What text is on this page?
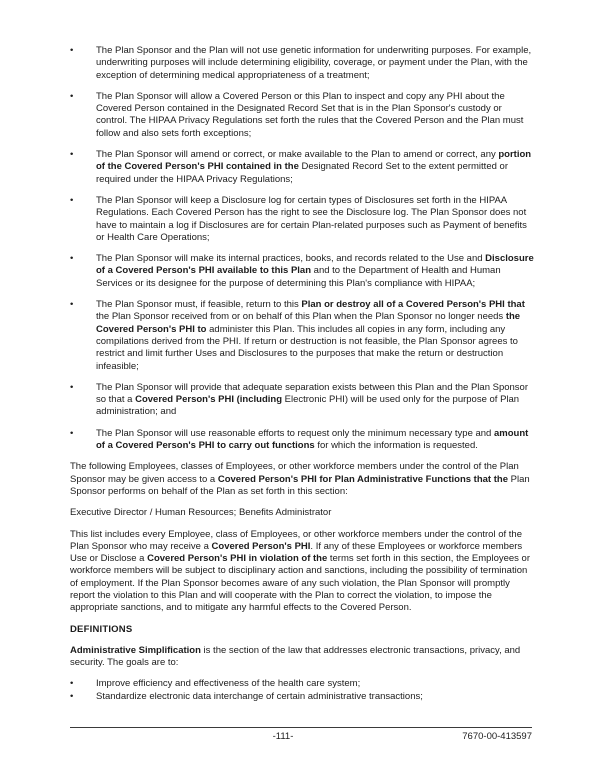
•	The Plan Sponsor and the Plan will not use genetic information for underwriting purposes. For example, underwriting purposes will include determining eligibility, coverage, or payment under the Plan, with the exception of determining medical appropriateness of a treatment;
•	The Plan Sponsor will allow a Covered Person or this Plan to inspect and copy any PHI about the Covered Person contained in the Designated Record Set that is in the Plan Sponsor's custody or control. The HIPAA Privacy Regulations set forth the rules that the Covered Person and the Plan must follow and also sets forth exceptions;
•	The Plan Sponsor will amend or correct, or make available to the Plan to amend or correct, any portion of the Covered Person's PHI contained in the Designated Record Set to the extent permitted or required under the HIPAA Privacy Regulations;
•	The Plan Sponsor will keep a Disclosure log for certain types of Disclosures set forth in the HIPAA Regulations. Each Covered Person has the right to see the Disclosure log. The Plan Sponsor does not have to maintain a log if Disclosures are for certain Plan-related purposes such as Payment of benefits or Health Care Operations;
•	The Plan Sponsor will make its internal practices, books, and records related to the Use and Disclosure of a Covered Person's PHI available to this Plan and to the Department of Health and Human Services or its designee for the purpose of determining this Plan's compliance with HIPAA;
•	The Plan Sponsor must, if feasible, return to this Plan or destroy all of a Covered Person's PHI that the Plan Sponsor received from or on behalf of this Plan when the Plan Sponsor no longer needs the Covered Person's PHI to administer this Plan. This includes all copies in any form, including any compilations derived from the PHI. If return or destruction is not feasible, the Plan Sponsor agrees to restrict and limit further Uses and Disclosures to the purposes that make the return or destruction infeasible;
•	The Plan Sponsor will provide that adequate separation exists between this Plan and the Plan Sponsor so that a Covered Person's PHI (including Electronic PHI) will be used only for the purpose of Plan administration; and
•	The Plan Sponsor will use reasonable efforts to request only the minimum necessary type and amount of a Covered Person's PHI to carry out functions for which the information is requested.
The following Employees, classes of Employees, or other workforce members under the control of the Plan Sponsor may be given access to a Covered Person's PHI for Plan Administrative Functions that the Plan Sponsor performs on behalf of the Plan as set forth in this section:
Executive Director / Human Resources; Benefits Administrator
This list includes every Employee, class of Employees, or other workforce members under the control of the Plan Sponsor who may receive a Covered Person's PHI. If any of these Employees or workforce members Use or Disclose a Covered Person's PHI in violation of the terms set forth in this section, the Employees or workforce members will be subject to disciplinary action and sanctions, including the possibility of termination of employment. If the Plan Sponsor becomes aware of any such violation, the Plan Sponsor will promptly report the violation to this Plan and will cooperate with the Plan to correct the violation, to impose the appropriate sanctions, and to mitigate any harmful effects to the Covered Person.
DEFINITIONS
Administrative Simplification is the section of the law that addresses electronic transactions, privacy, and security. The goals are to:
•	Improve efficiency and effectiveness of the health care system;
•	Standardize electronic data interchange of certain administrative transactions;
-111-	7670-00-413597
